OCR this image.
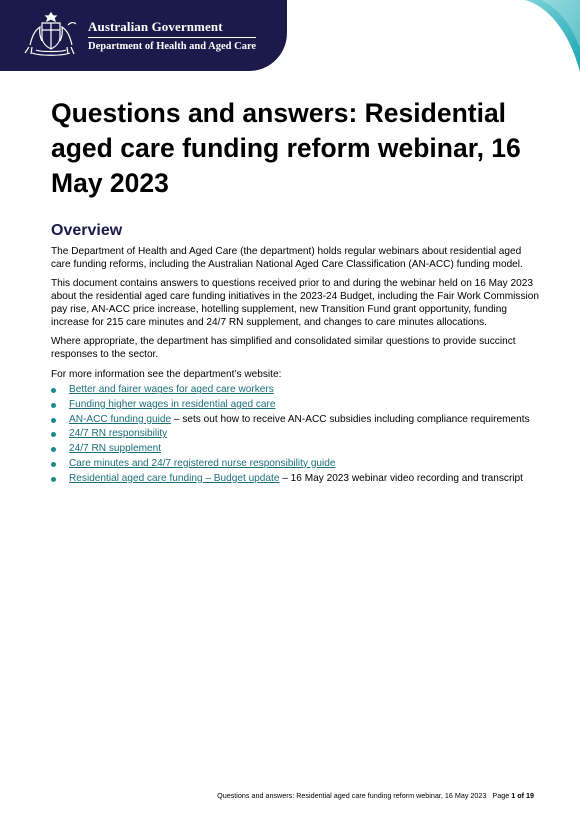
Australian Government
Department of Health and Aged Care
Questions and answers: Residential aged care funding reform webinar, 16 May 2023
Overview

The Department of Health and Aged Care (the department) holds regular webinars about residential aged care funding reforms, including the Australian National Aged Care Classification (AN-ACC) funding model.

This document contains answers to questions received prior to and during the webinar held on 16 May 2023 about the residential aged care funding initiatives in the 2023-24 Budget, including the Fair Work Commission pay rise, AN-ACC price increase, hotelling supplement, new Transition Fund grant opportunity, funding increase for 215 care minutes and 24/7 RN supplement, and changes to care minutes allocations.

Where appropriate, the department has simplified and consolidated similar questions to provide succinct responses to the sector.

For more information see the department’s website:

Better and fairer wages for aged care workers
Funding higher wages in residential aged care
AN-ACC funding guide – sets out how to receive AN-ACC subsidies including compliance requirements
24/7 RN responsibility
24/7 RN supplement
Care minutes and 24/7 registered nurse responsibility guide
Residential aged care funding – Budget update – 16 May 2023 webinar video recording and transcript
Questions and answers: Residential aged care funding reform webinar, 16 May 2023 Page 1 of 19
